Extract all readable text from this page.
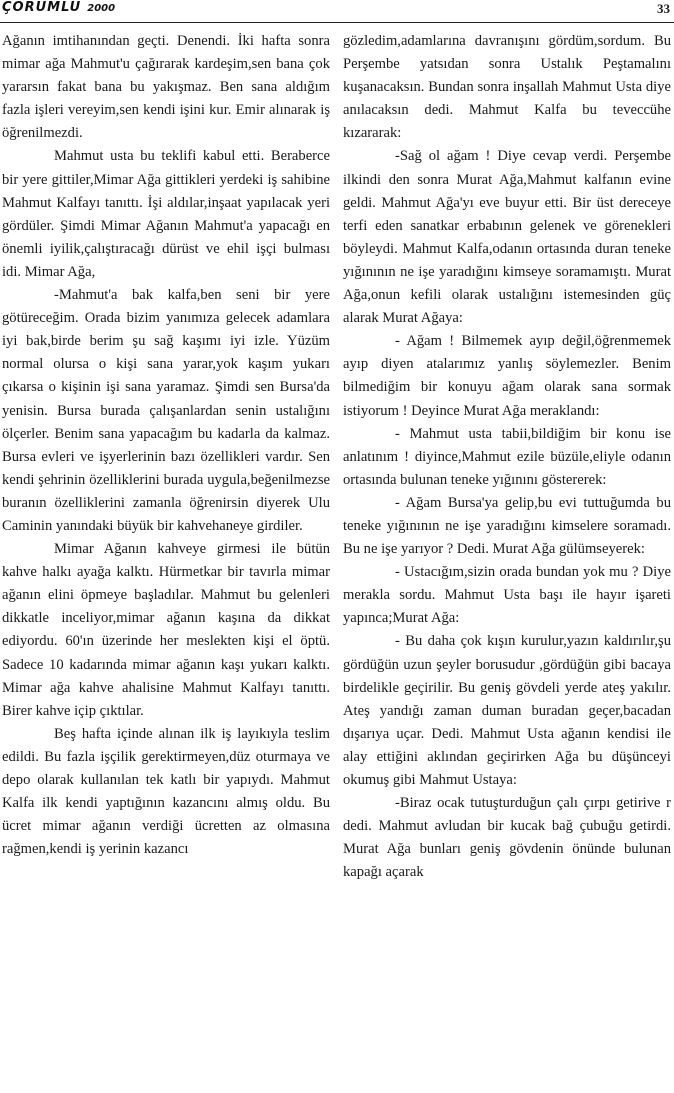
ÇORUMLU 2000	33

Ağanın imtihanından geçti. Denendi. İki hafta sonra mimar ağa Mahmut'u çağırarak kardeşim,sen bana çok yararsın fakat bana bu yakışmaz. Ben sana aldığım fazla işleri vereyim,sen kendi işini kur. Emir alınarak iş öğrenilmezdi.

Mahmut usta bu teklifi kabul etti. Beraberce bir yere gittiler,Mimar Ağa gittikleri yerdeki iş sahibine Mahmut Kalfayı tanıttı. İşi aldılar,inşaat yapılacak yeri gördüler. Şimdi Mimar Ağanın Mahmut'a yapacağı en önemli iyilik,çalıştıracağı dürüst ve ehil işçi bulması idi. Mimar Ağa,

-Mahmut'a bak kalfa,ben seni bir yere götüreceğim. Orada bizim yanımıza gelecek adamlara iyi bak,birde berim şu sağ kaşımı iyi izle. Yüzüm normal olursa o kişi sana yarar,yok kaşım yukarı çıkarsa o kişinin işi sana yaramaz. Şimdi sen Bursa'da yenisin. Bursa burada çalışanlardan senin ustalığını ölçerler. Benim sana yapacağım bu kadarla da kalmaz. Bursa evleri ve işyerlerinin bazı özellikleri vardır. Sen kendi şehrinin özelliklerini burada uygula,beğenilmezse buranın özelliklerini zamanla öğrenirsin diyerek Ulu Caminin yanındaki büyük bir kahvehaneye girdiler.

Mimar Ağanın kahveye girmesi ile bütün kahve halkı ayağa kalktı. Hürmetkar bir tavırla mimar ağanın elini öpmeye başladılar. Mahmut bu gelenleri dikkatle inceliyor,mimar ağanın kaşına da dikkat ediyordu. 60'ın üzerinde her meslekten kişi el öptü. Sadece 10 kadarında mimar ağanın kaşı yukarı kalktı. Mimar ağa kahve ahalisine Mahmut Kalfayı tanıttı. Birer kahve içip çıktılar.

Beş hafta içinde alınan ilk iş layıkıyla teslim edildi. Bu fazla işçilik gerektirmeyen,düz oturmaya ve depo olarak kullanılan tek katlı bir yapıydı. Mahmut Kalfa ilk kendi yaptığının kazancını almış oldu. Bu ücret mimar ağanın verdiği ücretten az olmasına rağmen,kendi iş yerinin kazancı

gözledim,adamlarına davranışını gördüm,sordum. Bu Perşembe yatsıdan sonra Ustalık Peştamalını kuşanacaksın. Bundan sonra inşallah Mahmut Usta diye anılacaksın dedi. Mahmut Kalfa bu teveccühe kızararak:

-Sağ ol ağam ! Diye cevap verdi. Perşembe ilkindi den sonra Murat Ağa,Mahmut kalfanın evine geldi. Mahmut Ağa'yı eve buyur etti. Bir üst dereceye terfi eden sanatkar erbabının gelenek ve görenekleri böyleydi. Mahmut Kalfa,odanın ortasında duran teneke yığınının ne işe yaradığını kimseye soramamıştı. Murat Ağa,onun kefili olarak ustalığını istemesinden güç alarak Murat Ağaya:

- Ağam ! Bilmemek ayıp değil,öğrenmemek ayıp diyen atalarımız yanlış söylemezler. Benim bilmediğim bir konuyu ağam olarak sana sormak istiyorum ! Deyince Murat Ağa meraklandı:

- Mahmut usta tabii,bildiğim bir konu ise anlatınım ! diyince,Mahmut ezile büzüle,eliyle odanın ortasında bulunan teneke yığınını göstererek:

- Ağam Bursa'ya gelip,bu evi tuttuğumda bu teneke yığınının ne işe yaradığını kimselere soramadı. Bu ne işe yarıyor ? Dedi. Murat Ağa gülümseyerek:

- Ustacığım,sizin orada bundan yok mu ? Diye merakla sordu. Mahmut Usta başı ile hayır işareti yapınca;Murat Ağa:

- Bu daha çok kışın kurulur,yazın kaldırılır,şu gördüğün uzun şeyler borusudur ,gördüğün gibi bacaya birdelikle geçirilir. Bu geniş gövdeli yerde ateş yakılır. Ateş yandığı zaman duman buradan geçer,bacadan dışarıya uçar. Dedi. Mahmut Usta ağanın kendisi ile alay ettiğini aklından geçirirken Ağa bu düşünceyi okumuş gibi Mahmut Ustaya:

-Biraz ocak tutuşturduğun çalı çırpı getirive r dedi. Mahmut avludan bir kucak bağ çubuğu getirdi. Murat Ağa bunları geniş gövdenin önünde bulunan kapağı açarak
